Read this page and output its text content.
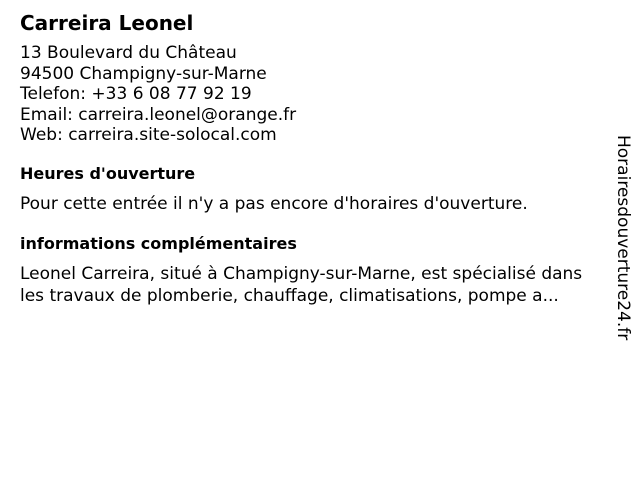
Carreira Leonel
13 Boulevard du Château
94500 Champigny-sur-Marne
Telefon: +33 6 08 77 92 19
Email: carreira.leonel@orange.fr
Web: carreira.site-solocal.com
Heures d'ouverture
Pour cette entrée il n'y a pas encore d'horaires d'ouverture.
informations complémentaires
Leonel Carreira, situé à Champigny-sur-Marne, est spécialisé dans les travaux de plomberie, chauffage, climatisations, pompe a...	Horairesdouverture24.fr
